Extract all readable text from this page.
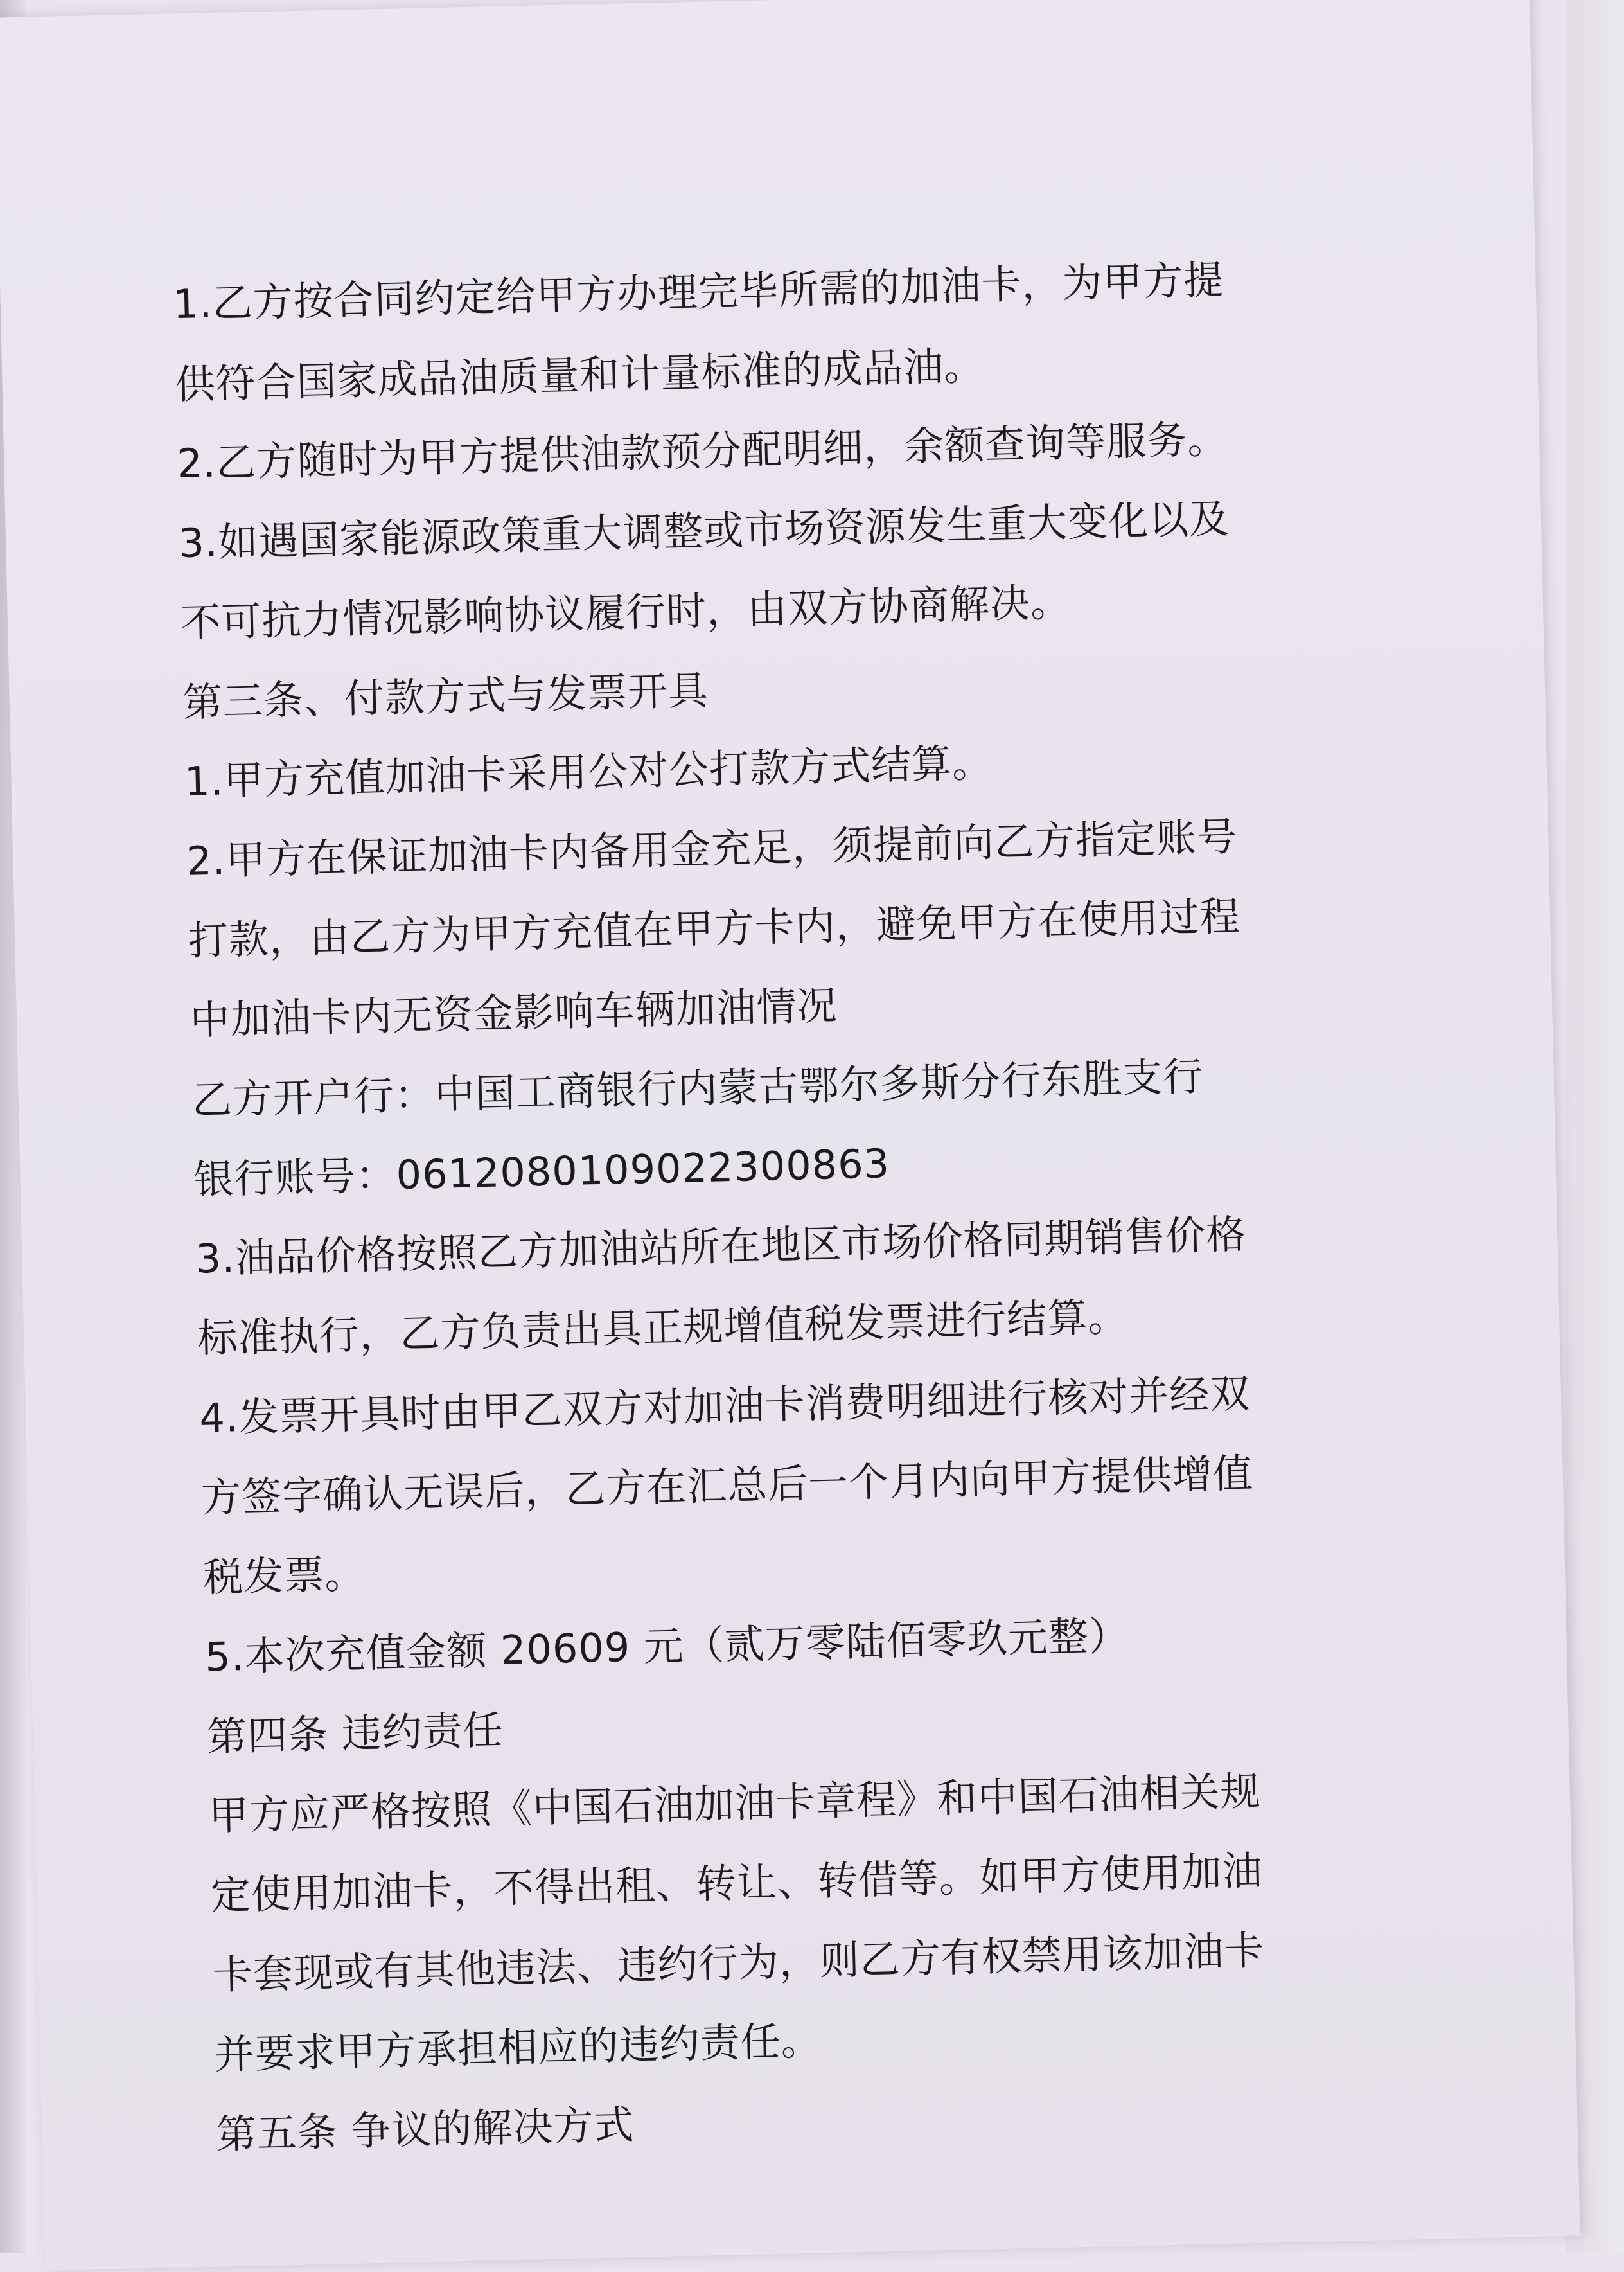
1.乙方按合同约定给甲方办理完毕所需的加油卡，为甲方提
供符合国家成品油质量和计量标准的成品油。
2.乙方随时为甲方提供油款预分配明细，余额查询等服务。
3.如遇国家能源政策重大调整或市场资源发生重大变化以及
不可抗力情况影响协议履行时，由双方协商解决。
第三条、付款方式与发票开具
1.甲方充值加油卡采用公对公打款方式结算。
2.甲方在保证加油卡内备用金充足，须提前向乙方指定账号
打款，由乙方为甲方充值在甲方卡内，避免甲方在使用过程
中加油卡内无资金影响车辆加油情况
乙方开户行：中国工商银行内蒙古鄂尔多斯分行东胜支行
银行账号：0612080109022300863
3.油品价格按照乙方加油站所在地区市场价格同期销售价格
标准执行，乙方负责出具正规增值税发票进行结算。
4.发票开具时由甲乙双方对加油卡消费明细进行核对并经双
方签字确认无误后，乙方在汇总后一个月内向甲方提供增值
税发票。
5.本次充值金额 20609 元（贰万零陆佰零玖元整）
第四条 违约责任
甲方应严格按照《中国石油加油卡章程》和中国石油相关规
定使用加油卡，不得出租、转让、转借等。如甲方使用加油
卡套现或有其他违法、违约行为，则乙方有权禁用该加油卡
并要求甲方承担相应的违约责任。
第五条 争议的解决方式
